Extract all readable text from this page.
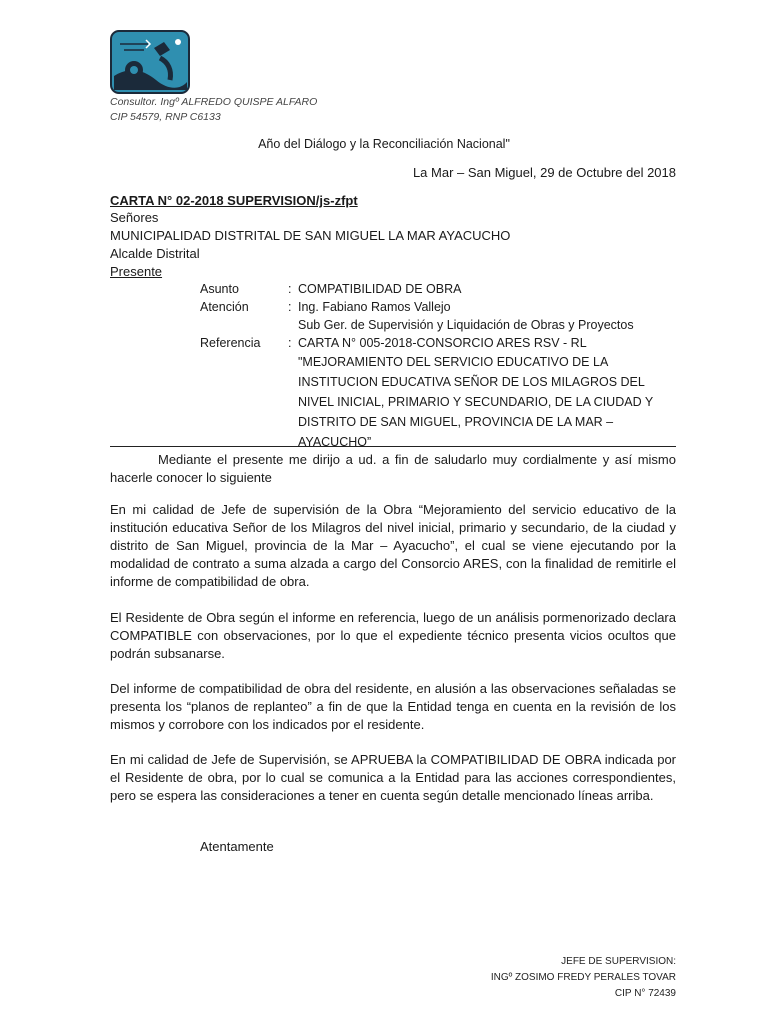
Consultor. Ingº ALFREDO QUISPE ALFARO
CIP 54579, RNP C6133
Año del Diálogo y la Reconciliación Nacional"
La Mar – San Miguel, 29 de Octubre del 2018
CARTA N° 02-2018 SUPERVISION/js-zfpt
Señores
MUNICIPALIDAD DISTRITAL DE SAN MIGUEL LA MAR AYACUCHO
Alcalde Distrital
Presente
Asunto	: COMPATIBILIDAD DE OBRA
Atención	: Ing. Fabiano Ramos Vallejo
Sub Ger. de Supervisión y Liquidación de Obras y Proyectos
Referencia	: CARTA N° 005-2018-CONSORCIO ARES RSV - RL
"MEJORAMIENTO DEL SERVICIO EDUCATIVO DE LA
INSTITUCION EDUCATIVA SEÑOR DE LOS MILAGROS DEL
NIVEL INICIAL, PRIMARIO Y SECUNDARIO, DE LA CIUDAD Y
DISTRITO DE SAN MIGUEL, PROVINCIA DE LA MAR –
AYACUCHO”
Mediante el presente me dirijo a ud. a fin de saludarlo muy cordialmente y así mismo hacerle conocer lo siguiente
En mi calidad de Jefe de supervisión de la Obra “Mejoramiento del servicio educativo de la institución educativa Señor de los Milagros del nivel inicial, primario y secundario, de la ciudad y distrito de San Miguel, provincia de la Mar – Ayacucho”, el cual se viene ejecutando por la modalidad de contrato a suma alzada a cargo del Consorcio ARES, con la finalidad de remitirle el informe de compatibilidad de obra.
El Residente de Obra según el informe en referencia, luego de un análisis pormenorizado declara COMPATIBLE con observaciones, por lo que el expediente técnico presenta vicios ocultos que podrán subsanarse.
Del informe de compatibilidad de obra del residente, en alusión a las observaciones señaladas se presenta los “planos de replanteo” a fin de que la Entidad tenga en cuenta en la revisión de los mismos y corrobore con los indicados por el residente.
En mi calidad de Jefe de Supervisión, se APRUEBA la COMPATIBILIDAD DE OBRA indicada por el Residente de obra, por lo cual se comunica a la Entidad para las acciones correspondientes, pero se espera las consideraciones a tener en cuenta según detalle mencionado líneas arriba.
Atentamente
JEFE DE SUPERVISION:
INGº ZOSIMO FREDY PERALES TOVAR
CIP N° 72439
